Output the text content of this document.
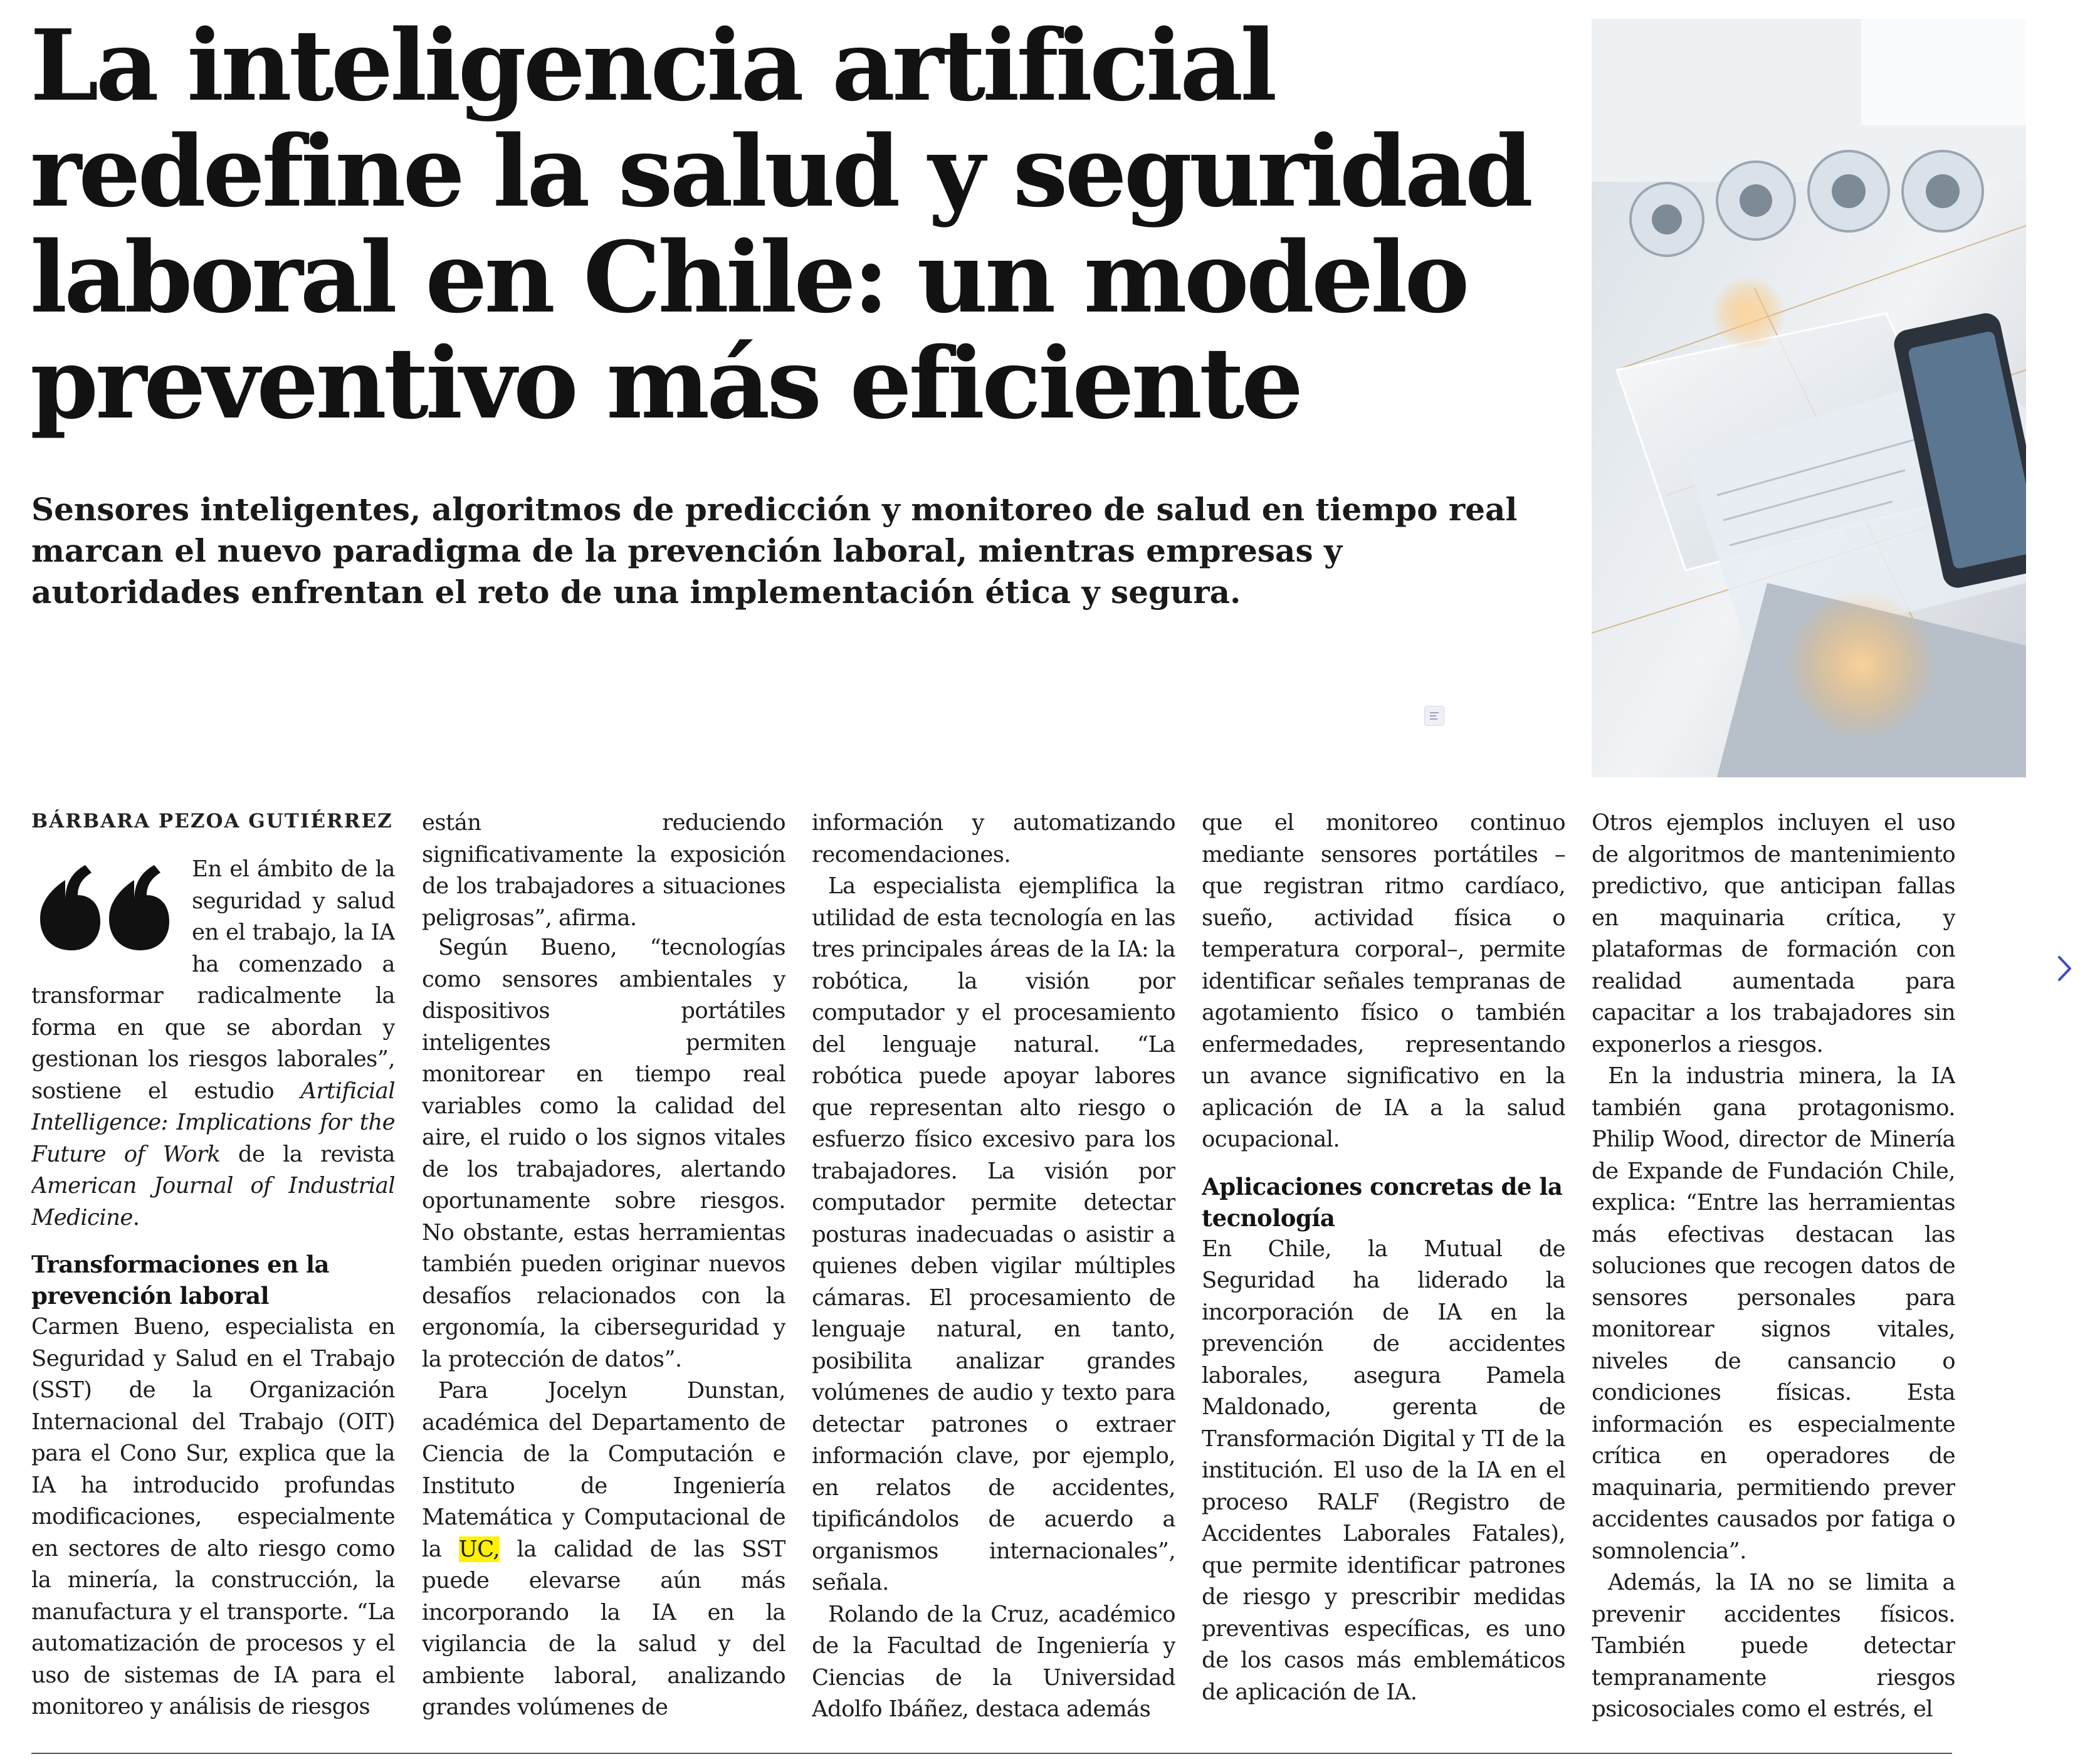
La inteligencia artificial
redefine la salud y seguridad
laboral en Chile: un modelo
preventivo más eficiente
Sensores inteligentes, algoritmos de predicción y monitoreo de salud en tiempo real
marcan el nuevo paradigma de la prevención laboral, mientras empresas y
autoridades enfrentan el reto de una implementación ética y segura.
BÁRBARA PEZOA GUTIÉRREZ

En el ámbito de la seguridad y salud en el trabajo, la IA ha comenzado a transformar radicalmente la forma en que se abordan y gestionan los riesgos laborales”, sostiene el estudio Artificial Intelligence: Implications for the Future of Work de la revista American Journal of Industrial Medicine.

Transformaciones en la prevención laboral

Carmen Bueno, especialista en Seguridad y Salud en el Trabajo (SST) de la Organización Internacional del Trabajo (OIT) para el Cono Sur, explica que la IA ha introducido profundas modificaciones, especialmente en sectores de alto riesgo como la minería, la construcción, la manufactura y el transporte. “La automatización de procesos y el uso de sistemas de IA para el monitoreo y análisis de riesgos

están reduciendo significativamente la exposición de los trabajadores a situaciones peligrosas”, afirma.

Según Bueno, “tecnologías como sensores ambientales y dispositivos portátiles inteligentes permiten monitorear en tiempo real variables como la calidad del aire, el ruido o los signos vitales de los trabajadores, alertando oportunamente sobre riesgos. No obstante, estas herramientas también pueden originar nuevos desafíos relacionados con la ergonomía, la ciberseguridad y la protección de datos”.

Para Jocelyn Dunstan, académica del Departamento de Ciencia de la Computación e Instituto de Ingeniería Matemática y Computacional de la UC, la calidad de las SST puede elevarse aún más incorporando la IA en la vigilancia de la salud y del ambiente laboral, analizando grandes volúmenes de

información y automatizando recomendaciones.

La especialista ejemplifica la utilidad de esta tecnología en las tres principales áreas de la IA: la robótica, la visión por computador y el procesamiento del lenguaje natural. “La robótica puede apoyar labores que representan alto riesgo o esfuerzo físico excesivo para los trabajadores. La visión por computador permite detectar posturas inadecuadas o asistir a quienes deben vigilar múltiples cámaras. El procesamiento de lenguaje natural, en tanto, posibilita analizar grandes volúmenes de audio y texto para detectar patrones o extraer información clave, por ejemplo, en relatos de accidentes, tipificándolos de acuerdo a organismos internacionales”, señala.

Rolando de la Cruz, académico de la Facultad de Ingeniería y Ciencias de la Universidad Adolfo Ibáñez, destaca además

que el monitoreo continuo mediante sensores portátiles –que registran ritmo cardíaco, sueño, actividad física o temperatura corporal–, permite identificar señales tempranas de agotamiento físico o también enfermedades, representando un avance significativo en la aplicación de IA a la salud ocupacional.

Aplicaciones concretas de la tecnología

En Chile, la Mutual de Seguridad ha liderado la incorporación de IA en la prevención de accidentes laborales, asegura Pamela Maldonado, gerenta de Transformación Digital y TI de la institución. El uso de la IA en el proceso RALF (Registro de Accidentes Laborales Fatales), que permite identificar patrones de riesgo y prescribir medidas preventivas específicas, es uno de los casos más emblemáticos de aplicación de IA.

Otros ejemplos incluyen el uso de algoritmos de mantenimiento predictivo, que anticipan fallas en maquinaria crítica, y plataformas de formación con realidad aumentada para capacitar a los trabajadores sin exponerlos a riesgos.

En la industria minera, la IA también gana protagonismo. Philip Wood, director de Minería de Expande de Fundación Chile, explica: “Entre las herramientas más efectivas destacan las soluciones que recogen datos de sensores personales para monitorear signos vitales, niveles de cansancio o condiciones físicas. Esta información es especialmente crítica en operadores de maquinaria, permitiendo prever accidentes causados por fatiga o somnolencia”.

Además, la IA no se limita a prevenir accidentes físicos. También puede detectar tempranamente riesgos psicosociales como el estrés, el
